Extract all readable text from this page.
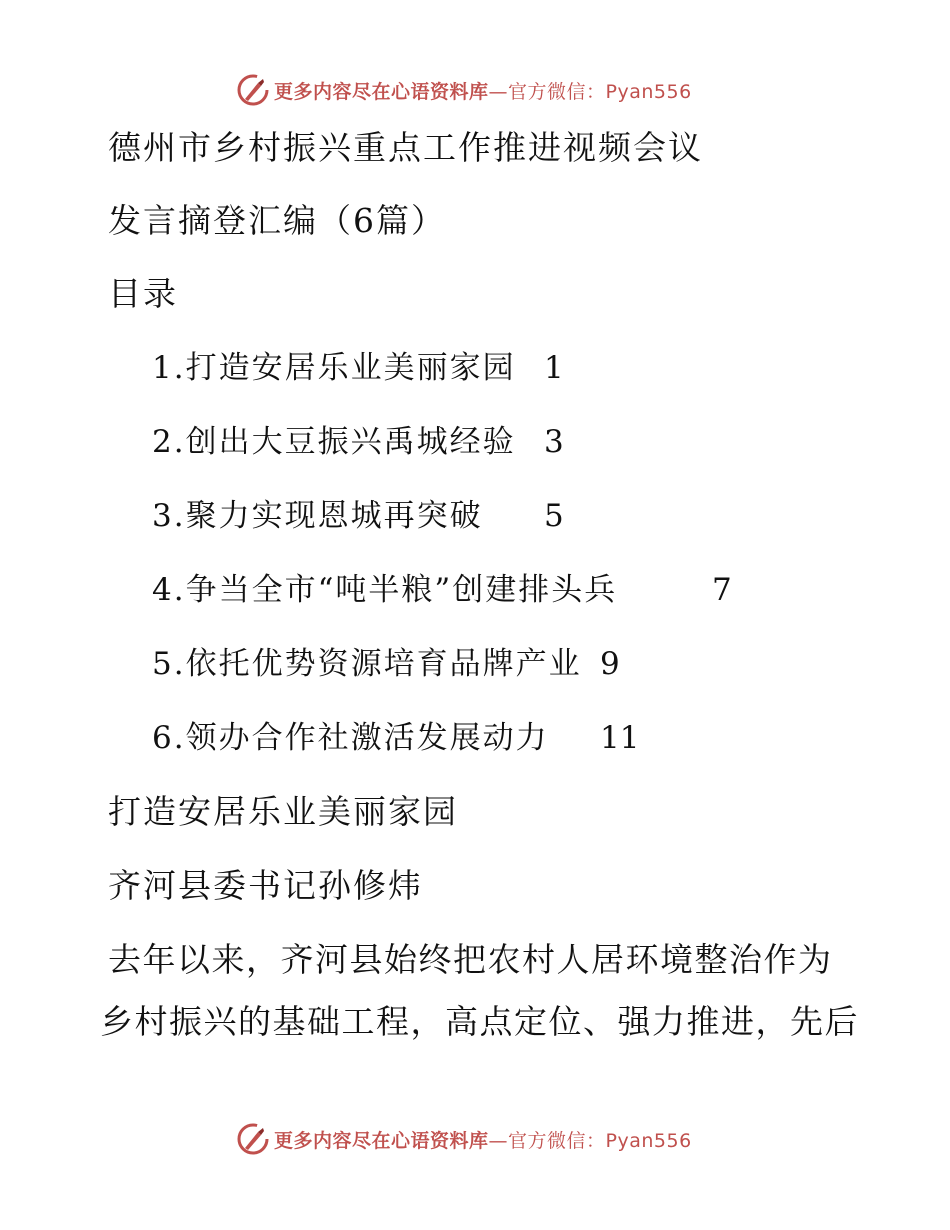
更多内容尽在心语资料库—官方微信：Pyan556
德州市乡村振兴重点工作推进视频会议
发言摘登汇编（6篇）
目录
1.打造安居乐业美丽家园 1
2.创出大豆振兴禹城经验 3
3.聚力实现恩城再突破 5
4.争当全市“吨半粮”创建排头兵	7
5.依托优势资源培育品牌产业 9
6.领办合作社激活发展动力 11
打造安居乐业美丽家园
齐河县委书记孙修炜
去年以来，齐河县始终把农村人居环境整治作为
乡村振兴的基础工程，高点定位、强力推进，先后
更多内容尽在心语资料库—官方微信：Pyan556
